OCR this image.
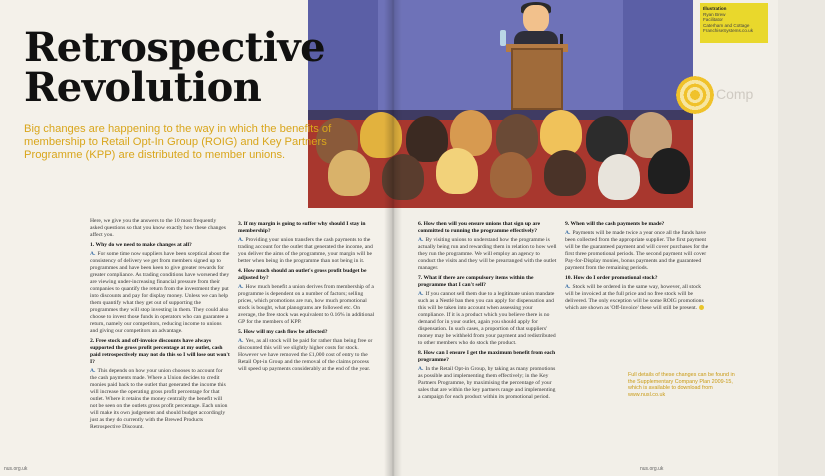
Illustration
Ryan Brew
Facilitator
Caterham and Cottage
FranchiseSystems.co.uk
Comp
Retrospective Revolution
Big changes are happening to the way in which the benefits of membership to Retail Opt-In Group (ROIG) and Key Partners Programme (KPP) are distributed to member unions.

Here, we give you the answers to the 10 most frequently asked questions so that you know exactly how these changes affect you.

1. Why do we need to make changes at all?

A. For some time now suppliers have been sceptical about the consistency of delivery we get from members signed up to programmes and have been keen to give greater rewards for greater compliance. As trading conditions have worsened they are viewing under-increasing financial pressure from their companies to quantify the return from the investment they put into discounts and pay for display money. Unless we can help them quantify what they get out of supporting the programmes they will stop investing in them. They could also choose to invest those funds in operators who can guarantee a return, namely our competitors, reducing income to unions and giving our competitors an advantage.

2. Free stock and off-invoice discounts have always supported the gross profit percentage at my outlet, cash paid retrospectively may not do this so I will lose out won't I?

A. This depends on how your union chooses to account for the cash payments made. Where a Union decides to credit monies paid back to the outlet that generated the income this will increase the operating gross profit percentage for that outlet. Where it retains the money centrally the benefit will not be seen on the outlets gross profit percentage. Each union will make its own judgement and should budget accordingly just as they do currently with the Brewed Products Retrospective Discount.

3. If my margin is going to suffer why should I stay in membership?

A. Providing your union transfers the cash payments to the trading account for the outlet that generated the income, and you deliver the aims of the programme, your margin will be better when being in the programme than not being in it.

4. How much should an outlet's gross profit budget be adjusted by?

A. How much benefit a union derives from membership of a programme is dependent on a number of factors; selling prices, which promotions are run, how much promotional stock is bought, what planograms are followed etc. On average, the free stock was equivalent to 0.16% in additional GP for the members of KPP.

5. How will my cash flow be affected?

A. Yes, as all stock will be paid for rather than being free or discounted this will we slightly higher costs for stock. However we have removed the £1,000 cost of entry to the Retail Opt-in Group and the removal of the claims process will speed up payments considerably at the end of the year.

6. How then will you ensure unions that sign up are committed to running the programme effectively?

A. By visiting unions to understand how the programme is actually being run and rewarding them in relation to how well they run the programme. We will employ an agency to conduct the visits and they will be prearranged with the outlet manager.

7. What if there are compulsory items within the programme that I can't sell?

A. If you cannot sell them due to a legitimate union mandate such as a Nestlé ban then you can apply for dispensation and this will be taken into account when assessing your compliance. If it is a product which you believe there is no demand for in your outlet, again you should apply for dispensation. In such cases, a proportion of that suppliers' money may be withheld from your payment and redistributed to other members who do stock the product.

8. How can I ensure I get the maximum benefit from each programme?

A. In the Retail Opt-in Group, by taking as many promotions as possible and implementing them effectively; in the Key Partners Programme, by maximising the percentage of your sales that are within the key partners range and implementing a campaign for each product within its promotional period.

9. When will the cash payments be made?

A. Payments will be made twice a year once all the funds have been collected from the appropriate supplier. The first payment will be the guaranteed payment and will cover purchases for the first three promotional periods. The second payment will cover Pay-for-Display monies, bonus payments and the guaranteed payment from the remaining periods.

10. How do I order promotional stock?

A. Stock will be ordered in the same way, however, all stock will be invoiced at the full price and no free stock will be delivered. The only exception will be some ROIG promotions which are shown as 'Off-Invoice' these will still be present.

Full details of these changes can be found in the Supplementary Company Plan 2009-15, which is available to download from www.nusl.co.uk
nus.org.uk	nus.org.uk
